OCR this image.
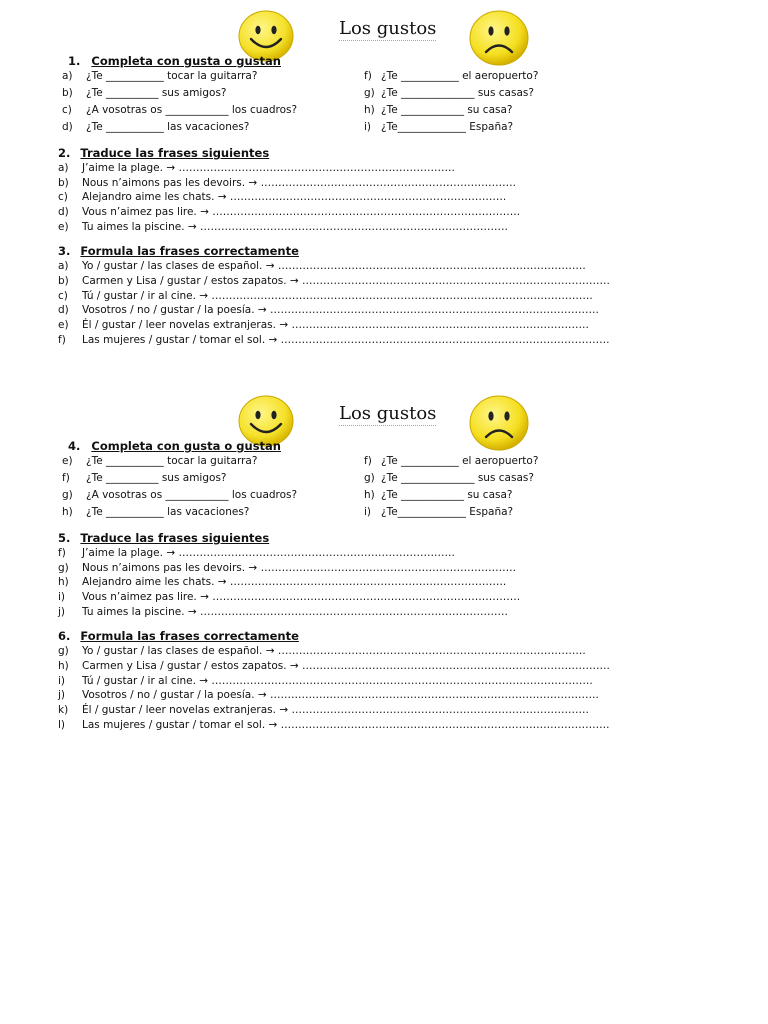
Los gustos
1. Completa con gusta o gustan
a) ¿Te ___________ tocar la guitarra?
b) ¿Te __________ sus amigos?
c) ¿A vosotras os ____________ los cuadros?
d) ¿Te ___________ las vacaciones?
f) ¿Te ___________ el aeropuerto?
g) ¿Te ______________ sus casas?
h) ¿Te ____________ su casa?
i) ¿Te_____________ España?
2. Traduce las frases siguientes
a) J’aime la plage. → …………………………………………………………………….
b) Nous n’aimons pas les devoirs. → ……………………………………………………………….
c) Alejandro aime les chats. → …………………………………………………………………….
d) Vous n’aimez pas lire. → …………………………………………………………………………….
e) Tu aimes la piscine. → …………………………………………………………………………….
3. Formula las frases correctamente
a) Yo / gustar / las clases de español. → …………………………………………………………………………….
b) Carmen y Lisa / gustar / estos zapatos. → …………………………………………………………………………….
c) Tú / gustar / ir al cine. → ……………………………………………………………………………………………….
d) Vosotros / no / gustar / la poesía. → ………………………………………………………………………………….
e) Él / gustar / leer novelas extranjeras. → ………………………………………………………………………….
f) Las mujeres / gustar / tomar el sol. → ………………………………………………………………………………….
Los gustos
4. Completa con gusta o gustan
e) ¿Te ___________ tocar la guitarra?
f) ¿Te __________ sus amigos?
g) ¿A vosotras os ____________ los cuadros?
h) ¿Te ___________ las vacaciones?
f) ¿Te ___________ el aeropuerto?
g) ¿Te ______________ sus casas?
h) ¿Te ____________ su casa?
i) ¿Te_____________ España?
5. Traduce las frases siguientes
f) J’aime la plage. → …………………………………………………………………….
g) Nous n’aimons pas les devoirs. → ……………………………………………………………….
h) Alejandro aime les chats. → …………………………………………………………………….
i) Vous n’aimez pas lire. → …………………………………………………………………………….
j) Tu aimes la piscine. → …………………………………………………………………………….
6. Formula las frases correctamente
g) Yo / gustar / las clases de español. → …………………………………………………………………………….
h) Carmen y Lisa / gustar / estos zapatos. → …………………………………………………………………………….
i) Tú / gustar / ir al cine. → ……………………………………………………………………………………………….
j) Vosotros / no / gustar / la poesía. → ………………………………………………………………………………….
k) Él / gustar / leer novelas extranjeras. → ………………………………………………………………………….
l) Las mujeres / gustar / tomar el sol. → ………………………………………………………………………………….
